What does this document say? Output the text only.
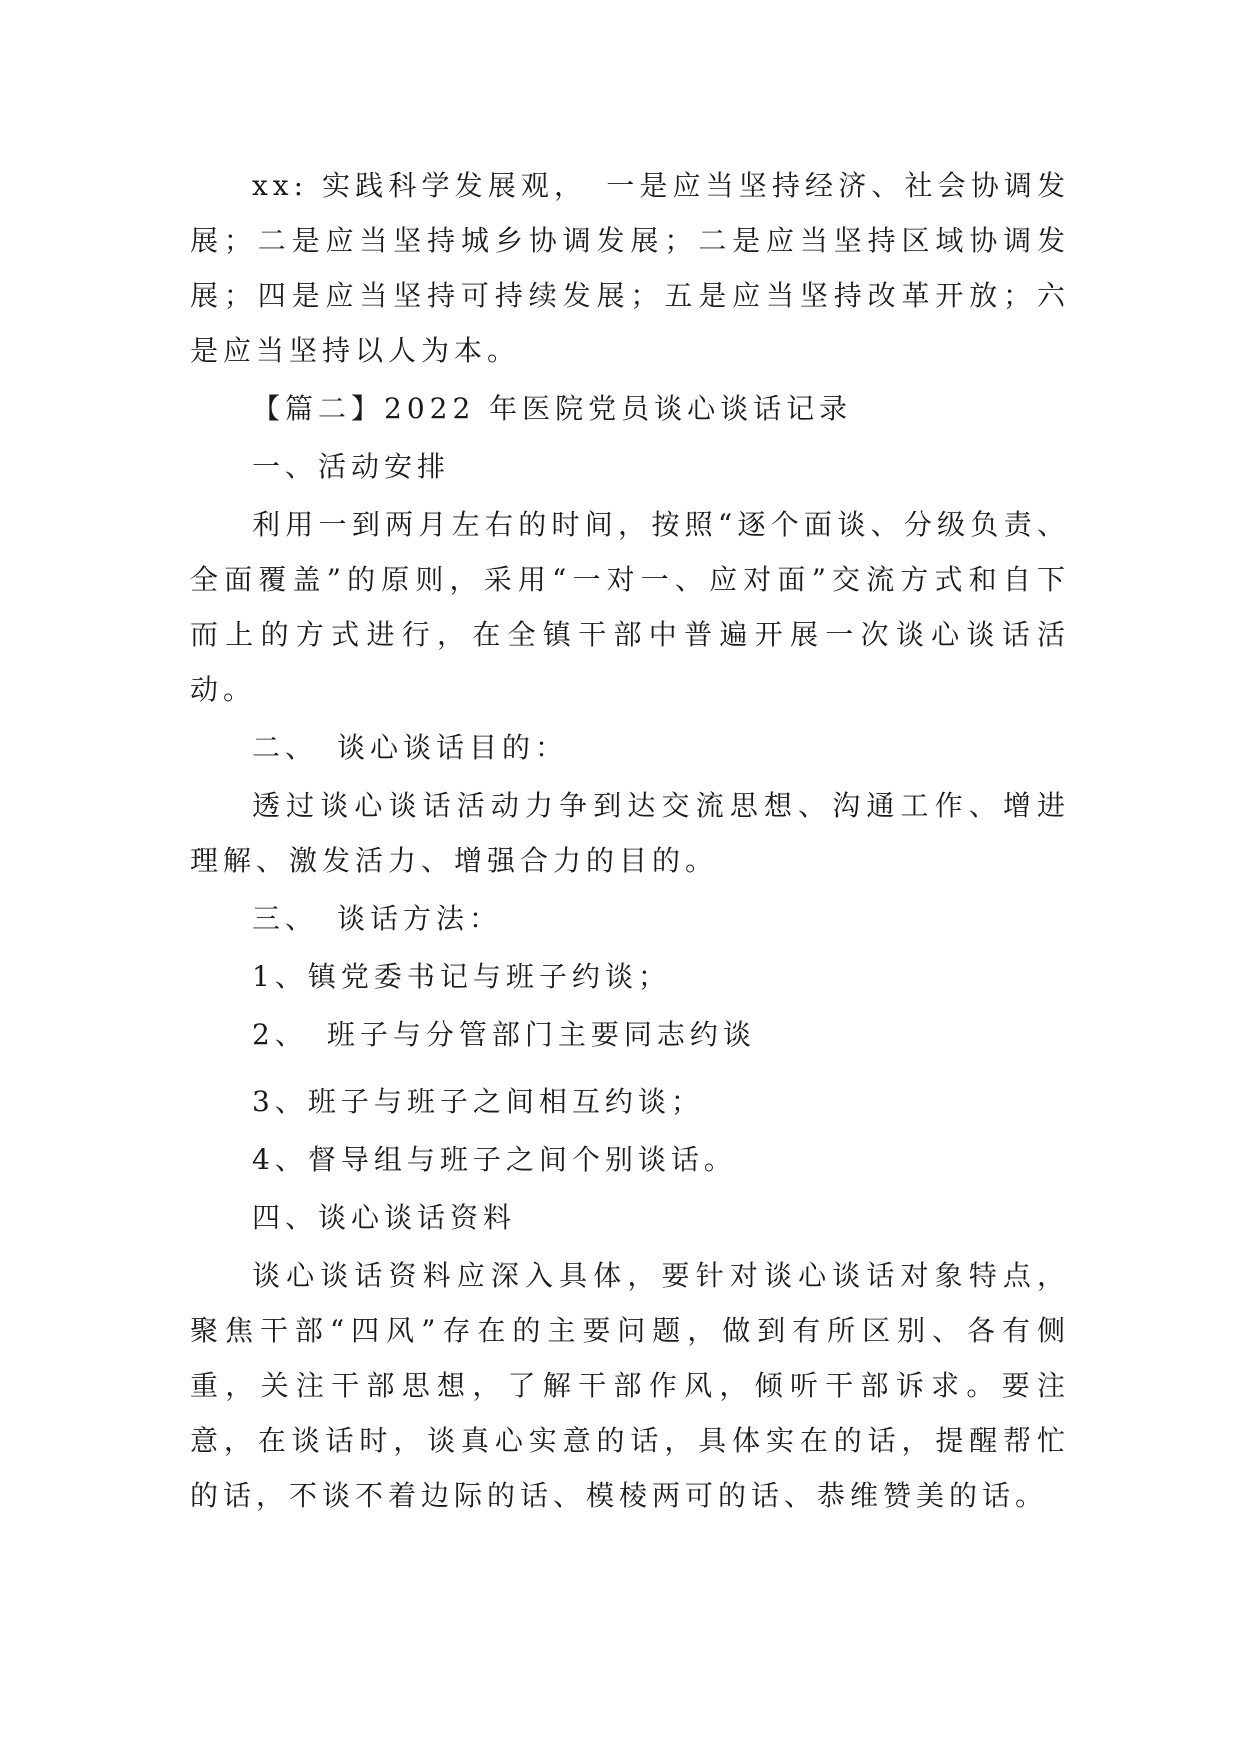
xx: 实践科学发展观，　一是应当坚持经济、社会协调发展；二是应当坚持城乡协调发展；二是应当坚持区域协调发展；四是应当坚持可持续发展；五是应当坚持改革开放；六是应当坚持以人为本。

【篇二】2022 年医院党员谈心谈话记录

一、活动安排

利用一到两月左右的时间，按照“逐个面谈、分级负责、全面覆盖”的原则，采用“一对一、应对面”交流方式和自下而上的方式进行，在全镇干部中普遍开展一次谈心谈话活动。

二、　谈心谈话目的：

透过谈心谈话活动力争到达交流思想、沟通工作、增进理解、激发活力、增强合力的目的。

三、　谈话方法：

1、镇党委书记与班子约谈；

2、　班子与分管部门主要同志约谈

3、班子与班子之间相互约谈；

4、督导组与班子之间个别谈话。

四、谈心谈话资料

谈心谈话资料应深入具体，要针对谈心谈话对象特点，聚焦干部“四风”存在的主要问题，做到有所区别、各有侧重，关注干部思想，了解干部作风，倾听干部诉求。要注意，在谈话时，谈真心实意的话，具体实在的话，提醒帮忙的话，不谈不着边际的话、模棱两可的话、恭维赞美的话。
